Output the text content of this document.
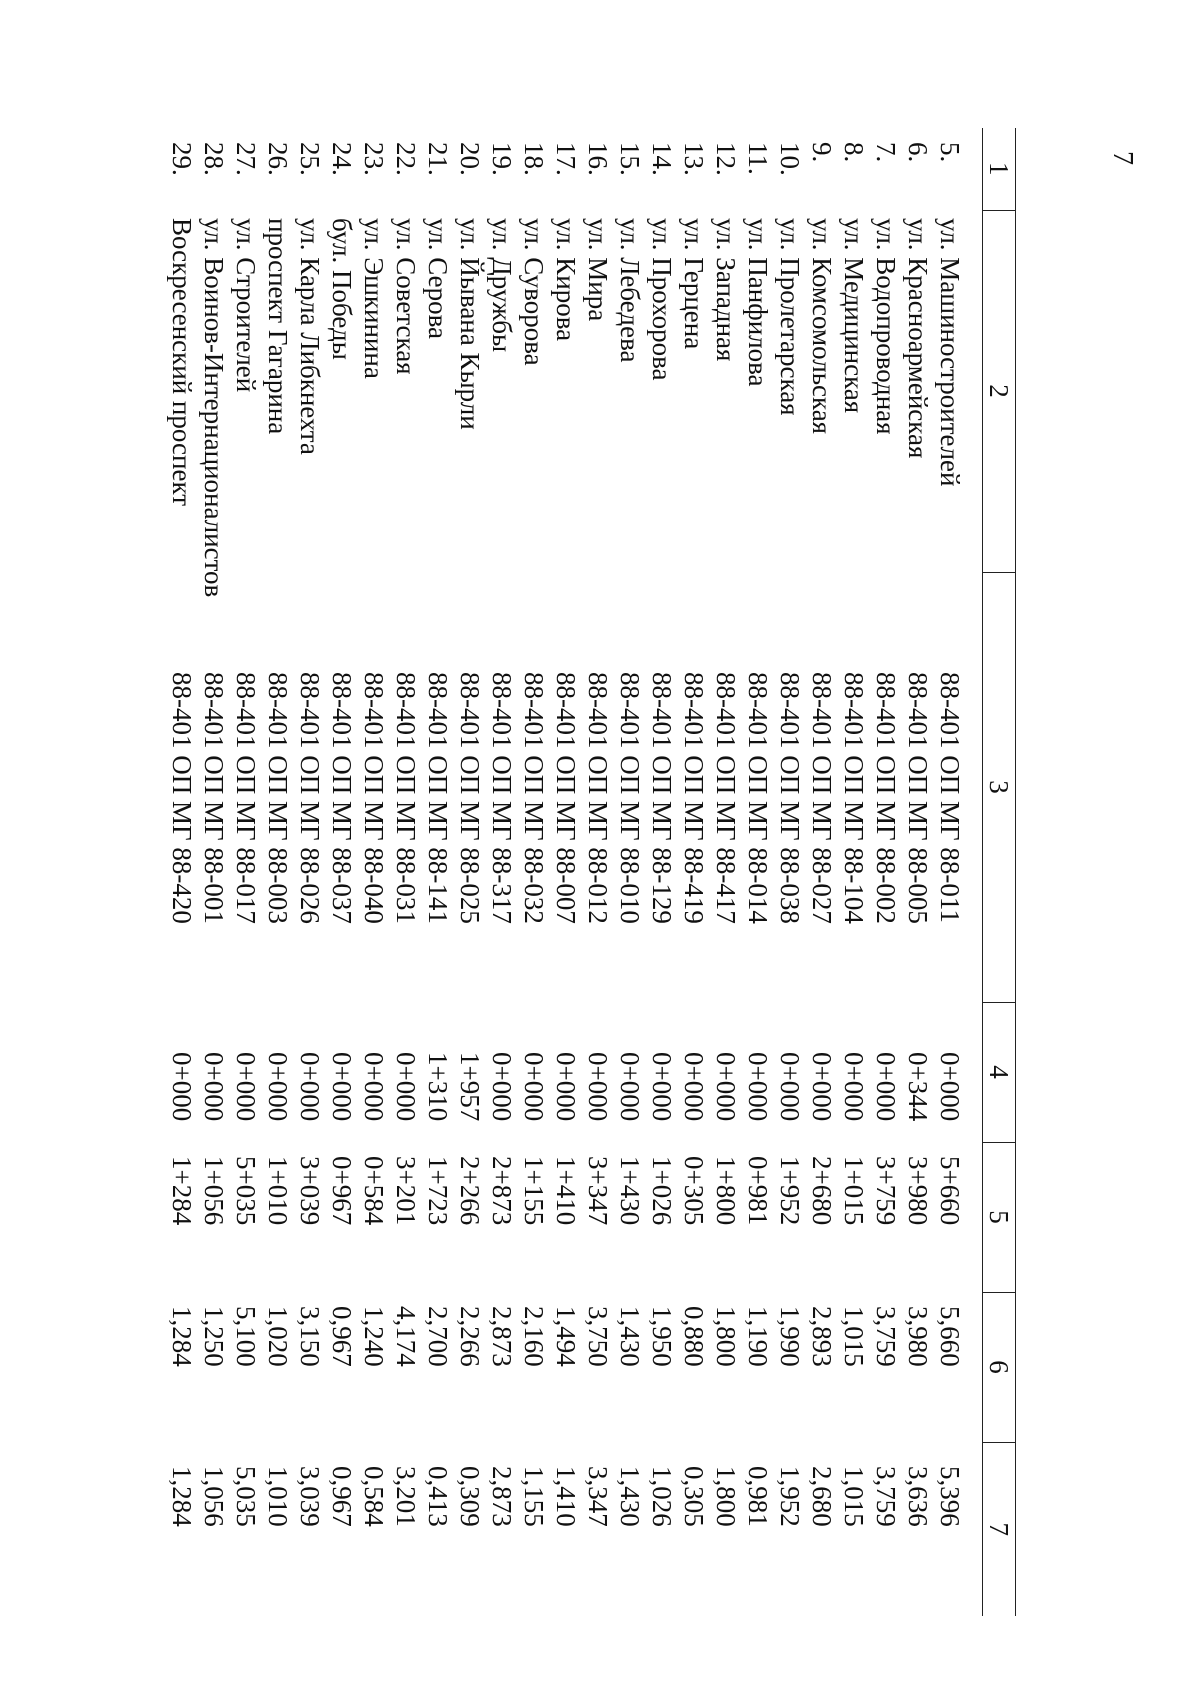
7
1	2	3	4	5	6	7
5.	ул. Машиностроителей	88-401 ОП МГ 88-011	0+000	5+660	5,660	5,396
6.	ул. Красноармейская	88-401 ОП МГ 88-005	0+344	3+980	3,980	3,636
7.	ул. Водопроводная	88-401 ОП МГ 88-002	0+000	3+759	3,759	3,759
8.	ул. Медицинская	88-401 ОП МГ 88-104	0+000	1+015	1,015	1,015
9.	ул. Комсомольская	88-401 ОП МГ 88-027	0+000	2+680	2,893	2,680
10.	ул. Пролетарская	88-401 ОП МГ 88-038	0+000	1+952	1,990	1,952
11.	ул. Панфилова	88-401 ОП МГ 88-014	0+000	0+981	1,190	0,981
12.	ул. Западная	88-401 ОП МГ 88-417	0+000	1+800	1,800	1,800
13.	ул. Герцена	88-401 ОП МГ 88-419	0+000	0+305	0,880	0,305
14.	ул. Прохорова	88-401 ОП МГ 88-129	0+000	1+026	1,950	1,026
15.	ул. Лебедева	88-401 ОП МГ 88-010	0+000	1+430	1,430	1,430
16.	ул. Мира	88-401 ОП МГ 88-012	0+000	3+347	3,750	3,347
17.	ул. Кирова	88-401 ОП МГ 88-007	0+000	1+410	1,494	1,410
18.	ул. Суворова	88-401 ОП МГ 88-032	0+000	1+155	2,160	1,155
19.	ул. Дружбы	88-401 ОП МГ 88-317	0+000	2+873	2,873	2,873
20.	ул. Йывана Кырли	88-401 ОП МГ 88-025	1+957	2+266	2,266	0,309
21.	ул. Серова	88-401 ОП МГ 88-141	1+310	1+723	2,700	0,413
22.	ул. Советская	88-401 ОП МГ 88-031	0+000	3+201	4,174	3,201
23.	ул. Эшкинина	88-401 ОП МГ 88-040	0+000	0+584	1,240	0,584
24.	бул. Победы	88-401 ОП МГ 88-037	0+000	0+967	0,967	0,967
25.	ул. Карла Либкнехта	88-401 ОП МГ 88-026	0+000	3+039	3,150	3,039
26.	проспект Гагарина	88-401 ОП МГ 88-003	0+000	1+010	1,020	1,010
27.	ул. Строителей	88-401 ОП МГ 88-017	0+000	5+035	5,100	5,035
28.	ул. Воинов-Интернационалистов	88-401 ОП МГ 88-001	0+000	1+056	1,250	1,056
29.	Воскресенский проспект	88-401 ОП МГ 88-420	0+000	1+284	1,284	1,284
